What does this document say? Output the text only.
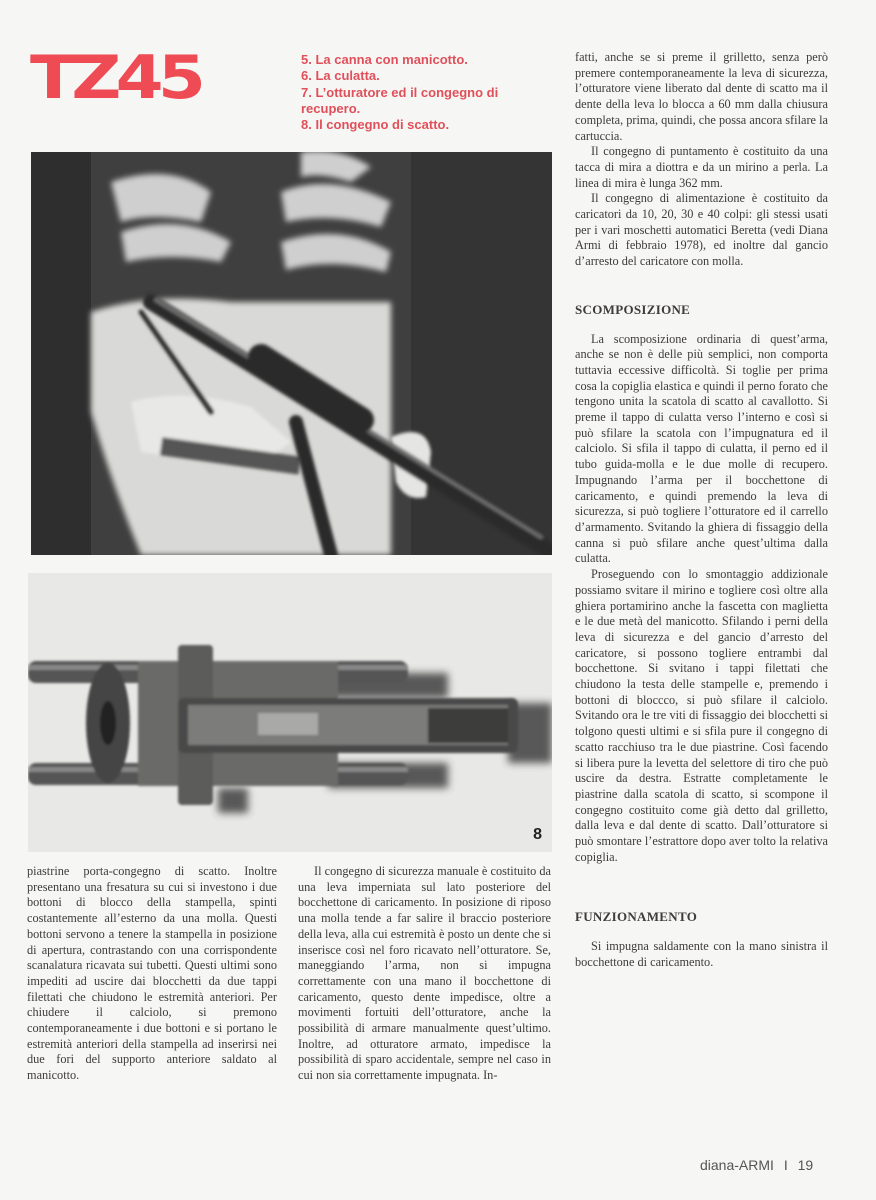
TZ45	5. La canna con manicotto.
6. La culatta.
7. L’otturatore ed il congegno di recupero.
8. Il congegno di scatto.
8

piastrine porta-congegno di scatto. Inoltre presentano una fresatura su cui si investono i due bottoni di blocco della stampella, spinti costantemente all’esterno da una molla. Questi bottoni servono a tenere la stampella in posizione di apertura, contrastando con una corrispondente scanalatura ricavata sui tubetti. Questi ultimi sono impediti ad uscire dai blocchetti da due tappi filettati che chiudono le estremità anteriori. Per chiudere il calciolo, si premono contemporaneamente i due bottoni e si portano le estremità anteriori della stampella ad inserirsi nei due fori del supporto anteriore saldato al manicotto.

Il congegno di sicurezza manuale è costituito da una leva imperniata sul lato posteriore del bocchettone di caricamento. In posizione di riposo una molla tende a far salire il braccio posteriore della leva, alla cui estremità è posto un dente che si inserisce così nel foro ricavato nell’otturatore. Se, maneggiando l’arma, non si impugna correttamente con una mano il bocchettone di caricamento, questo dente impedisce, oltre a movimenti fortuiti dell’otturatore, anche la possibilità di armare manualmente quest’ultimo. Inoltre, ad otturatore armato, impedisce la possibilità di sparo accidentale, sempre nel caso in cui non sia correttamente impugnata. In-

fatti, anche se si preme il grilletto, senza però premere contemporaneamente la leva di sicurezza, l’otturatore viene liberato dal dente di scatto ma il dente della leva lo blocca a 60 mm dalla chiusura completa, prima, quindi, che possa ancora sfilare la cartuccia.

Il congegno di puntamento è costituito da una tacca di mira a diottra e da un mirino a perla. La linea di mira è lunga 362 mm.

Il congegno di alimentazione è costituito da caricatori da 10, 20, 30 e 40 colpi: gli stessi usati per i vari moschetti automatici Beretta (vedi Diana Armi di febbraio 1978), ed inoltre dal gancio d’arresto del caricatore con molla.

SCOMPOSIZIONE

La scomposizione ordinaria di quest’arma, anche se non è delle più semplici, non comporta tuttavia eccessive difficoltà. Si toglie per prima cosa la copiglia elastica e quindi il perno forato che tengono unita la scatola di scatto al cavallotto. Si preme il tappo di culatta verso l’interno e così si può sfilare la scatola con l’impugnatura ed il calciolo. Si sfila il tappo di culatta, il perno ed il tubo guida-molla e le due molle di recupero. Impugnando l’arma per il bocchettone di caricamento, e quindi premendo la leva di sicurezza, si può togliere l’otturatore ed il carrello d’armamento. Svitando la ghiera di fissaggio della canna si può sfilare anche quest’ultima dalla culatta.

Proseguendo con lo smontaggio addizionale possiamo svitare il mirino e togliere così oltre alla ghiera portamirino anche la fascetta con maglietta e le due metà del manicotto. Sfilando i perni della leva di sicurezza e del gancio d’arresto del caricatore, si possono togliere entrambi dal bocchettone. Si svitano i tappi filettati che chiudono la testa delle stampelle e, premendo i bottoni di bloccco, si può sfilare il calciolo. Svitando ora le tre viti di fissaggio dei blocchetti si tolgono questi ultimi e si sfila pure il congegno di scatto racchiuso tra le due piastrine. Così facendo si libera pure la levetta del selettore di tiro che può uscire da destra. Estratte completamente le piastrine dalla scatola di scatto, si scompone il congegno costituito come già detto dal grilletto, dalla leva e dal dente di scatto. Dall’otturatore si può smontare l’estrattore dopo aver tolto la relativa copiglia.

FUNZIONAMENTO

Si impugna saldamente con la mano sinistra il bocchettone di caricamento.

diana-ARMI I 19
